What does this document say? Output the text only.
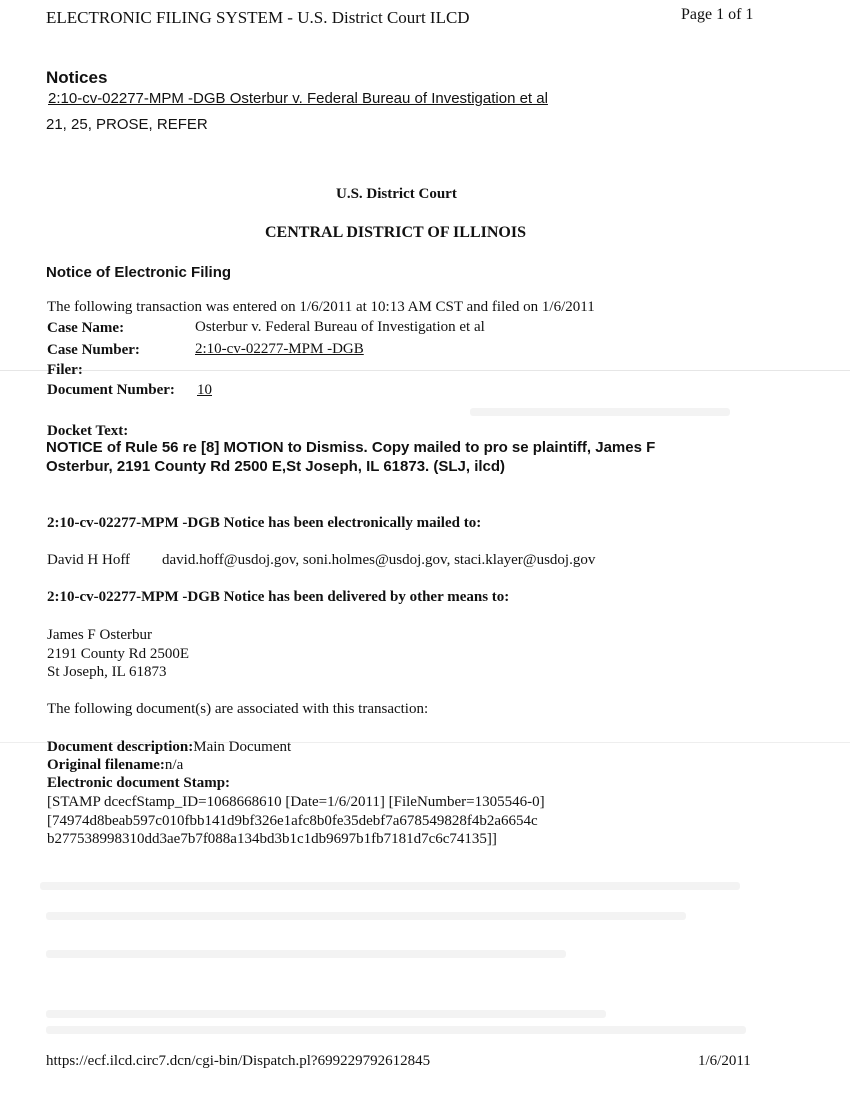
ELECTRONIC FILING SYSTEM - U.S. District Court ILCD	Page 1 of 1
Notices
2:10-cv-02277-MPM -DGB Osterbur v. Federal Bureau of Investigation et al
21, 25, PROSE, REFER
U.S. District Court
CENTRAL DISTRICT OF ILLINOIS
Notice of Electronic Filing
The following transaction was entered on 1/6/2011 at 10:13 AM CST and filed on 1/6/2011
Case Name:	Osterbur v. Federal Bureau of Investigation et al
Case Number:	2:10-cv-02277-MPM -DGB
Filer:
Document Number: 10
Docket Text:
NOTICE of Rule 56 re [8] MOTION to Dismiss. Copy mailed to pro se plaintiff, James F
Osterbur, 2191 County Rd 2500 E,St Joseph, IL 61873. (SLJ, ilcd)
2:10-cv-02277-MPM -DGB Notice has been electronically mailed to:
David H Hoff david.hoff@usdoj.gov, soni.holmes@usdoj.gov, staci.klayer@usdoj.gov
2:10-cv-02277-MPM -DGB Notice has been delivered by other means to:
James F Osterbur
2191 County Rd 2500E
St Joseph, IL 61873
The following document(s) are associated with this transaction:
Document description:Main Document
Original filename:n/a
Electronic document Stamp:
[STAMP dcecfStamp_ID=1068668610 [Date=1/6/2011] [FileNumber=1305546-0]
[74974d8beab597c010fbb141d9bf326e1afc8b0fe35debf7a678549828f4b2a6654c
b277538998310dd3ae7b7f088a134bd3b1c1db9697b1fb7181d7c6c74135]]
https://ecf.ilcd.circ7.dcn/cgi-bin/Dispatch.pl?699229792612845	1/6/2011
